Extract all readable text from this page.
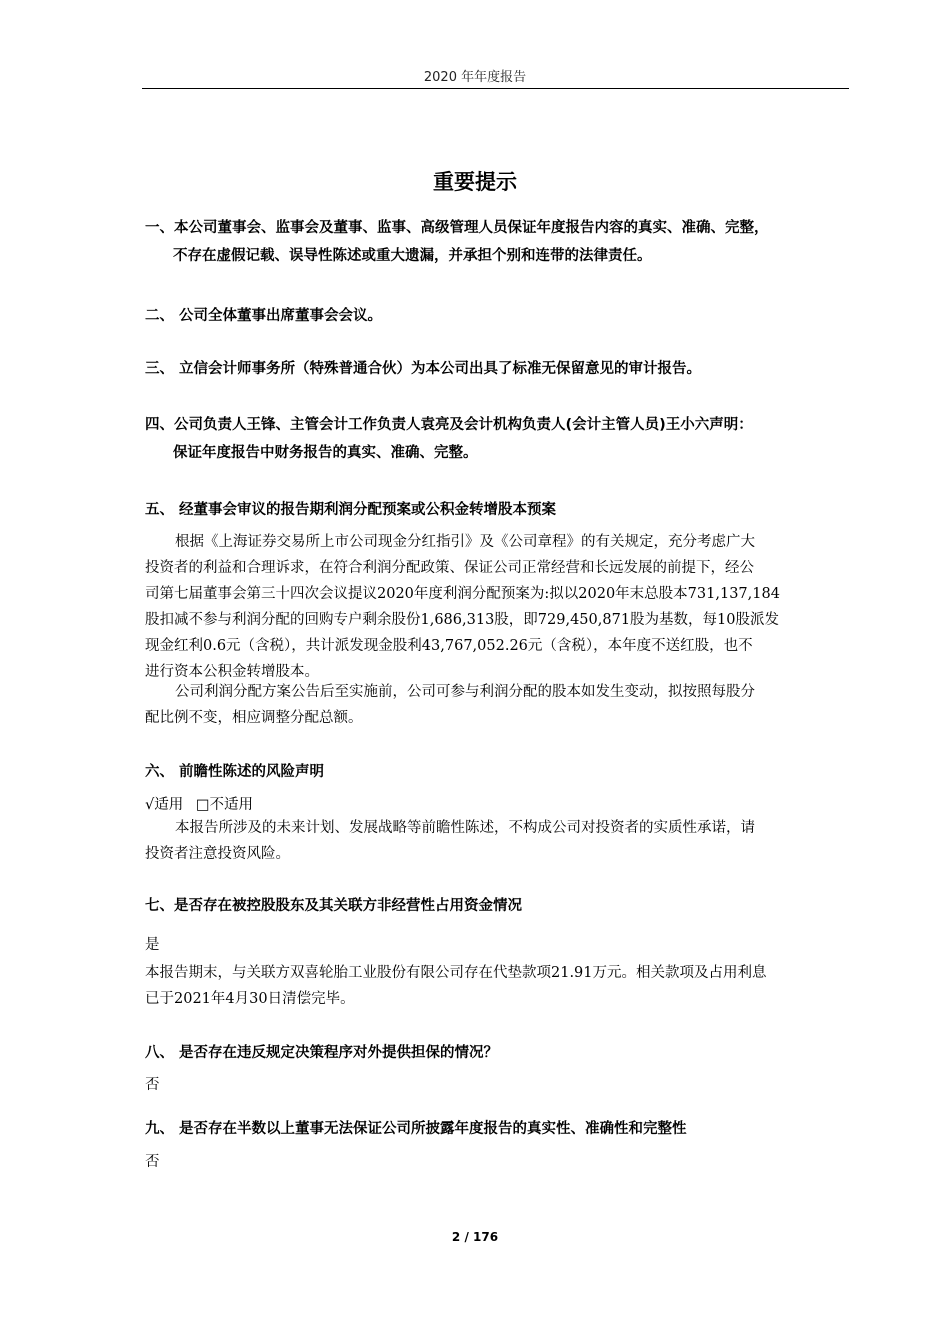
2020 年年度报告
重要提示
一、本公司董事会、监事会及董事、监事、高级管理人员保证年度报告内容的真实、准确、完整，
不存在虚假记载、误导性陈述或重大遗漏，并承担个别和连带的法律责任。
二、 公司全体董事出席董事会会议。
三、 立信会计师事务所（特殊普通合伙）为本公司出具了标准无保留意见的审计报告。
四、公司负责人王锋、主管会计工作负责人袁亮及会计机构负责人(会计主管人员)王小六声明：
保证年度报告中财务报告的真实、准确、完整。
五、 经董事会审议的报告期利润分配预案或公积金转增股本预案
根据《上海证券交易所上市公司现金分红指引》及《公司章程》的有关规定，充分考虑广大
投资者的利益和合理诉求，在符合利润分配政策、保证公司正常经营和长远发展的前提下，经公
司第七届董事会第三十四次会议提议2020年度利润分配预案为:拟以2020年末总股本731,137,184
股扣减不参与利润分配的回购专户剩余股份1,686,313股，即729,450,871股为基数，每10股派发
现金红利0.6元（含税），共计派发现金股利43,767,052.26元（含税），本年度不送红股，也不
进行资本公积金转增股本。
公司利润分配方案公告后至实施前，公司可参与利润分配的股本如发生变动，拟按照每股分
配比例不变，相应调整分配总额。
六、 前瞻性陈述的风险声明
√适用 □不适用
本报告所涉及的未来计划、发展战略等前瞻性陈述，不构成公司对投资者的实质性承诺，请
投资者注意投资风险。
七、是否存在被控股股东及其关联方非经营性占用资金情况
是
本报告期末，与关联方双喜轮胎工业股份有限公司存在代垫款项21.91万元。相关款项及占用利息
已于2021年4月30日清偿完毕。
八、 是否存在违反规定决策程序对外提供担保的情况？
否
九、 是否存在半数以上董事无法保证公司所披露年度报告的真实性、准确性和完整性
否
2 / 176
